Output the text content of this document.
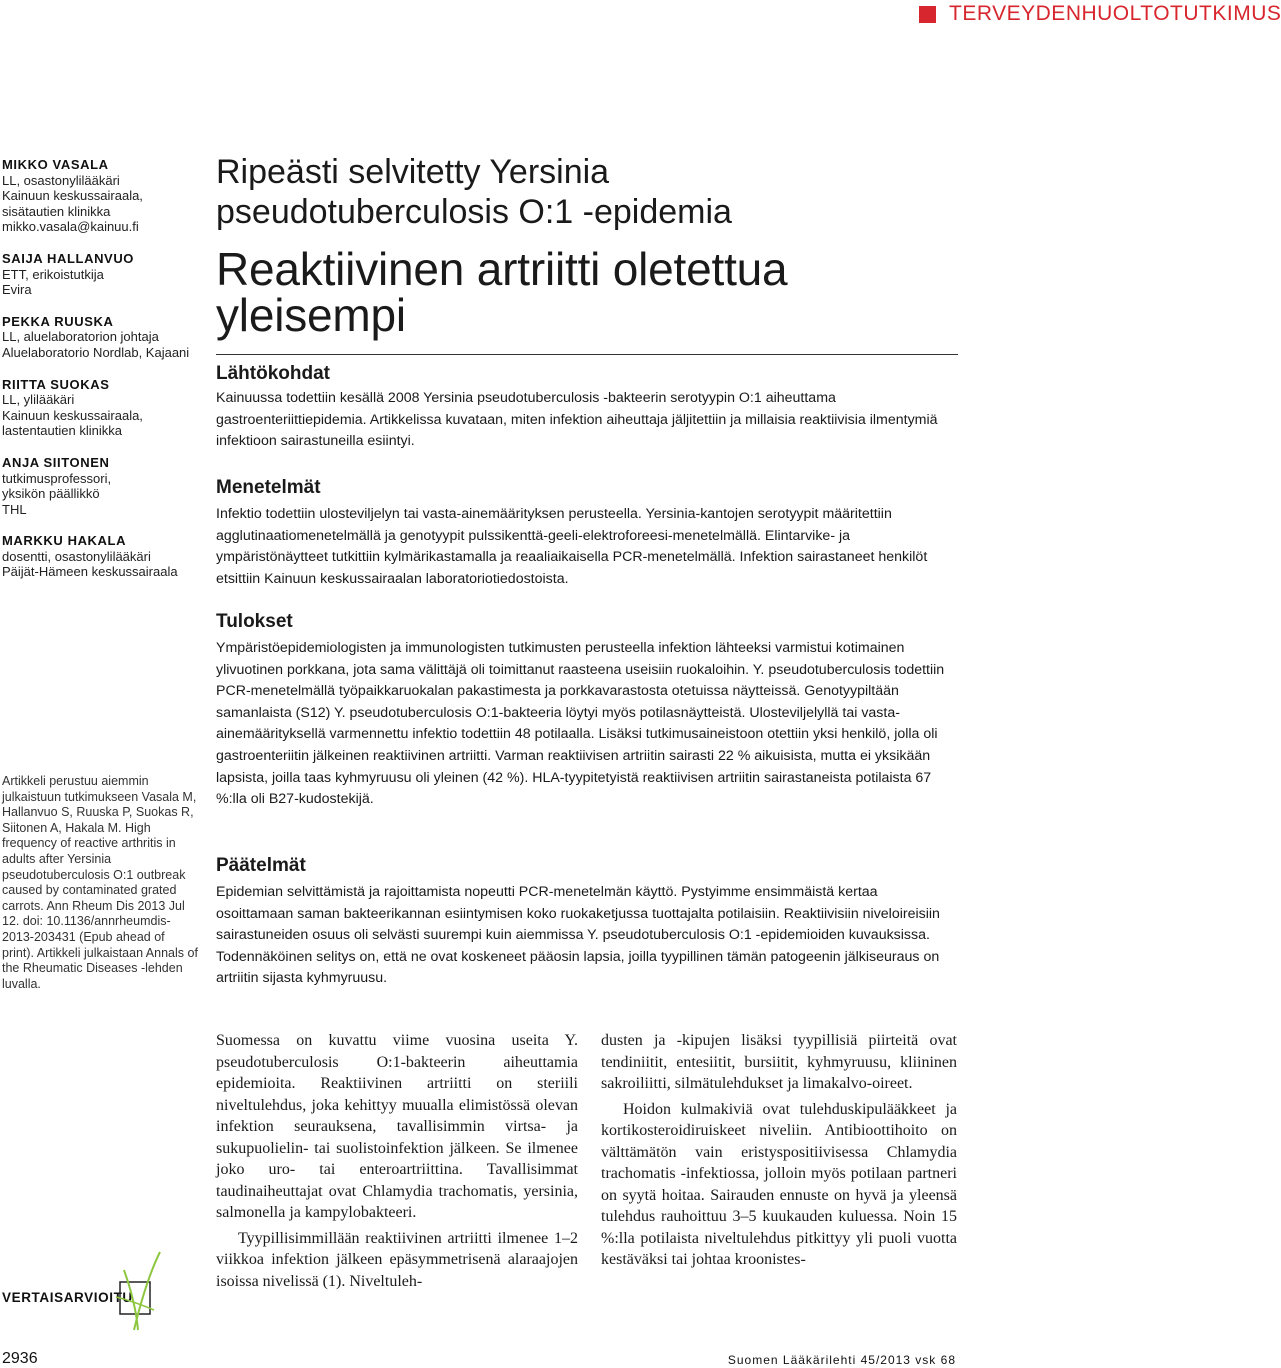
TERVEYDENHUOLTOTUTKIMUS
MIKKO VASALA
LL, osastonylilääkäri
Kainuun keskussairaala,
sisätautien klinikka
mikko.vasala@kainuu.fi
SAIJA HALLANVUO
ETT, erikoistutkija
Evira
PEKKA RUUSKA
LL, aluelaboratorion johtaja
Aluelaboratorio Nordlab, Kajaani
RIITTA SUOKAS
LL, ylilääkäri
Kainuun keskussairaala,
lastentautien klinikka
ANJA SIITONEN
tutkimusprofessori,
yksikön päällikkö
THL
MARKKU HAKALA
dosentti, osastonylilääkäri
Päijät-Hämeen keskussairaala
Artikkeli perustuu aiemmin julkaistuun tutkimukseen Vasala M, Hallanvuo S, Ruuska P, Suokas R, Siitonen A, Hakala M. High frequency of reactive arthritis in adults after Yersinia pseudotuberculosis O:1 outbreak caused by contaminated grated carrots. Ann Rheum Dis 2013 Jul 12. doi: 10.1136/annrheumdis-2013-203431 (Epub ahead of print). Artikkeli julkaistaan Annals of the Rheumatic Diseases -lehden luvalla.
Ripeästi selvitetty Yersinia
pseudotuberculosis O:1 -epidemia
Reaktiivinen artriitti oletettua
yleisempi
Lähtökohdat

Kainuussa todettiin kesällä 2008 Yersinia pseudotuberculosis -bakteerin serotyypin O:1 aiheuttama gastroenteriittiepidemia. Artikkelissa kuvataan, miten infektion aiheuttaja jäljitettiin ja millaisia reaktiivisia ilmentymiä infektioon sairastuneilla esiintyi.

Menetelmät

Infektio todettiin ulosteviljelyn tai vasta-ainemäärityksen perusteella. Yersinia-kantojen serotyypit määritettiin agglutinaatiomenetelmällä ja genotyypit pulssikenttä-geeli-elektroforeesi-menetelmällä. Elintarvike- ja ympäristönäytteet tutkittiin kylmärikastamalla ja reaaliaikaisella PCR-menetelmällä. Infektion sairastaneet henkilöt etsittiin Kainuun keskussairaalan laboratoriotiedostoista.

Tulokset

Ympäristöepidemiologisten ja immunologisten tutkimusten perusteella infektion lähteeksi varmistui kotimainen ylivuotinen porkkana, jota sama välittäjä oli toimittanut raasteena useisiin ruokaloihin. Y. pseudotuberculosis todettiin PCR-menetelmällä työpaikkaruokalan pakastimesta ja porkkavarastosta otetuissa näytteissä. Genotyypiltään samanlaista (S12) Y. pseudotuberculosis O:1-bakteeria löytyi myös potilasnäytteistä. Ulosteviljelyllä tai vasta-ainemäärityksellä varmennettu infektio todettiin 48 potilaalla. Lisäksi tutkimusaineistoon otettiin yksi henkilö, jolla oli gastroenteriitin jälkeinen reaktiivinen artriitti. Varman reaktiivisen artriitin sairasti 22 % aikuisista, mutta ei yksikään lapsista, joilla taas kyhmyruusu oli yleinen (42 %). HLA-tyypitetyistä reaktiivisen artriitin sairastaneista potilaista 67 %:lla oli B27-kudostekijä.

Päätelmät

Epidemian selvittämistä ja rajoittamista nopeutti PCR-menetelmän käyttö. Pystyimme ensimmäistä kertaa osoittamaan saman bakteerikannan esiintymisen koko ruokaketjussa tuottajalta potilaisiin. Reaktiivisiin niveloireisiin sairastuneiden osuus oli selvästi suurempi kuin aiemmissa Y. pseudotuberculosis O:1 -epidemioiden kuvauksissa. Todennäköinen selitys on, että ne ovat koskeneet pääosin lapsia, joilla tyypillinen tämän patogeenin jälkiseuraus on artriitin sijasta kyhmyruusu.

Suomessa on kuvattu viime vuosina useita Y. pseudotuberculosis O:1-bakteerin aiheuttamia epidemioita. Reaktiivinen artriitti on steriili niveltulehdus, joka kehittyy muualla elimistössä olevan infektion seurauksena, tavallisimmin virtsa- ja sukupuolielin- tai suolistoinfektion jälkeen. Se ilmenee joko uro- tai enteroartriittina. Tavallisimmat taudinaiheuttajat ovat Chlamydia trachomatis, yersinia, salmonella ja kampylobakteeri.

Tyypillisimmillään reaktiivinen artriitti ilmenee 1–2 viikkoa infektion jälkeen epäsymmetrisenä alaraajojen isoissa nivelissä (1). Niveltuleh-

dusten ja -kipujen lisäksi tyypillisiä piirteitä ovat tendiniitit, entesiitit, bursiitit, kyhmyruusu, kliininen sakroiliitti, silmätulehdukset ja limakalvo-oireet.

Hoidon kulmakiviä ovat tulehduskipulääkkeet ja kortikosteroidiruiskeet niveliin. Antibioottihoito on välttämätön vain eristyspositiivisessa Chlamydia trachomatis -infektiossa, jolloin myös potilaan partneri on syytä hoitaa. Sairauden ennuste on hyvä ja yleensä tulehdus rauhoittuu 3–5 kuukauden kuluessa. Noin 15 %:lla potilaista niveltulehdus pitkittyy yli puoli vuotta kestäväksi tai johtaa kroonistes-

VERTAISARVIOITU
2936	Suomen Lääkärilehti 45/2013 vsk 68
